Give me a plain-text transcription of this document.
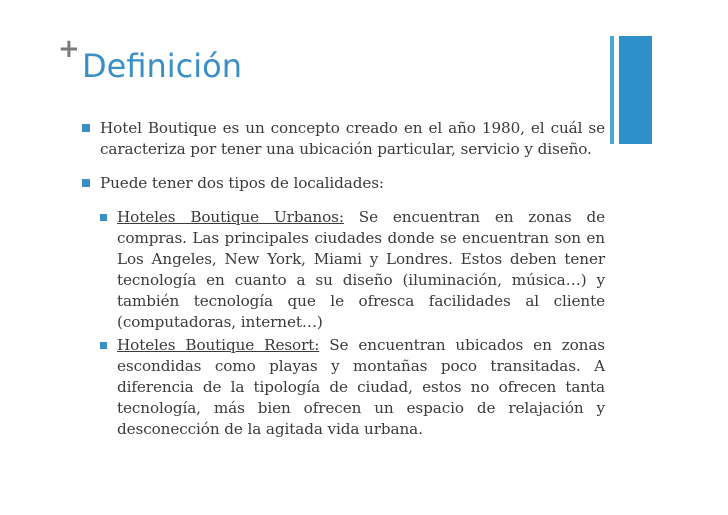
+ Definición
Hotel Boutique es un concepto creado en el año 1980, el cuál se caracteriza por tener una ubicación particular, servicio y diseño.
Puede tener dos tipos de localidades:
Hoteles Boutique Urbanos: Se encuentran en zonas de compras. Las principales ciudades donde se encuentran son en Los Angeles, New York, Miami y Londres. Estos deben tener tecnología en cuanto a su diseño (iluminación, música…) y también tecnología que le ofresca facilidades al cliente (computadoras, internet…)
Hoteles Boutique Resort: Se encuentran ubicados en zonas escondidas como playas y montañas poco transitadas. A diferencia de la tipología de ciudad, estos no ofrecen tanta tecnología, más bien ofrecen un espacio de relajación y desconección de la agitada vida urbana.
